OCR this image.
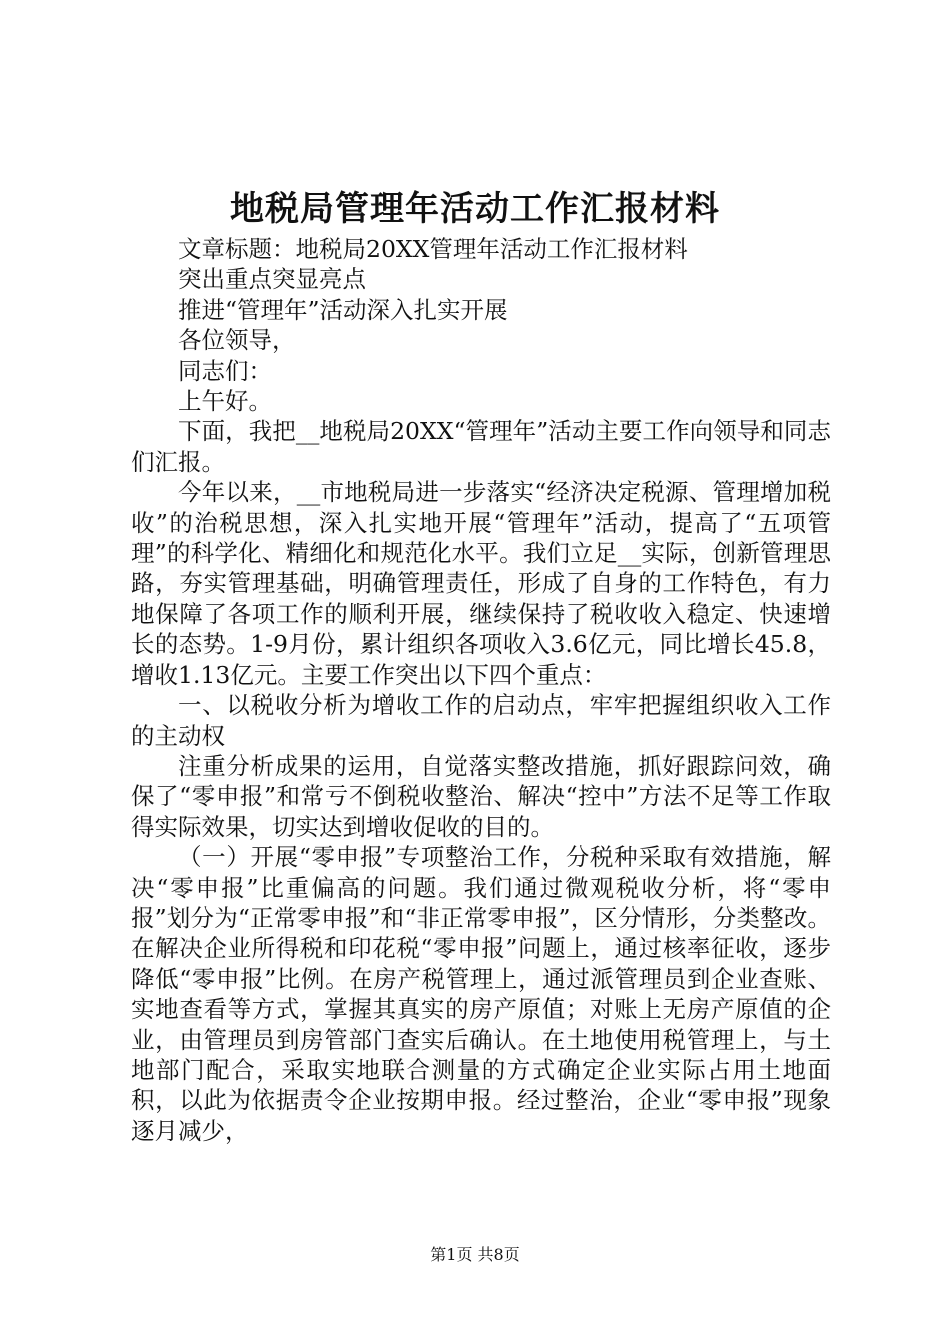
地税局管理年活动工作汇报材料

文章标题：地税局20XX管理年活动工作汇报材料

突出重点突显亮点

推进“管理年”活动深入扎实开展

各位领导，

同志们：

上午好。

下面，我把__地税局20XX“管理年”活动主要工作向领导和同志们汇报。

今年以来，__市地税局进一步落实“经济决定税源、管理增加税收”的治税思想，深入扎实地开展“管理年”活动，提高了“五项管理”的科学化、精细化和规范化水平。我们立足__实际，创新管理思路，夯实管理基础，明确管理责任，形成了自身的工作特色，有力地保障了各项工作的顺利开展，继续保持了税收收入稳定、快速增长的态势。1-9月份，累计组织各项收入3.6亿元，同比增长45.8，增收1.13亿元。主要工作突出以下四个重点：

一、以税收分析为增收工作的启动点，牢牢把握组织收入工作的主动权

注重分析成果的运用，自觉落实整改措施，抓好跟踪问效，确保了“零申报”和常亏不倒税收整治、解决“控中”方法不足等工作取得实际效果，切实达到增收促收的目的。

（一）开展“零申报”专项整治工作，分税种采取有效措施，解决“零申报”比重偏高的问题。我们通过微观税收分析，将“零申报”划分为“正常零申报”和“非正常零申报”，区分情形，分类整改。在解决企业所得税和印花税“零申报”问题上，通过核率征收，逐步降低“零申报”比例。在房产税管理上，通过派管理员到企业查账、实地查看等方式，掌握其真实的房产原值；对账上无房产原值的企业，由管理员到房管部门查实后确认。在土地使用税管理上，与土地部门配合，采取实地联合测量的方式确定企业实际占用土地面积，以此为依据责令企业按期申报。经过整治，企业“零申报”现象逐月减少，

第1页 共8页
